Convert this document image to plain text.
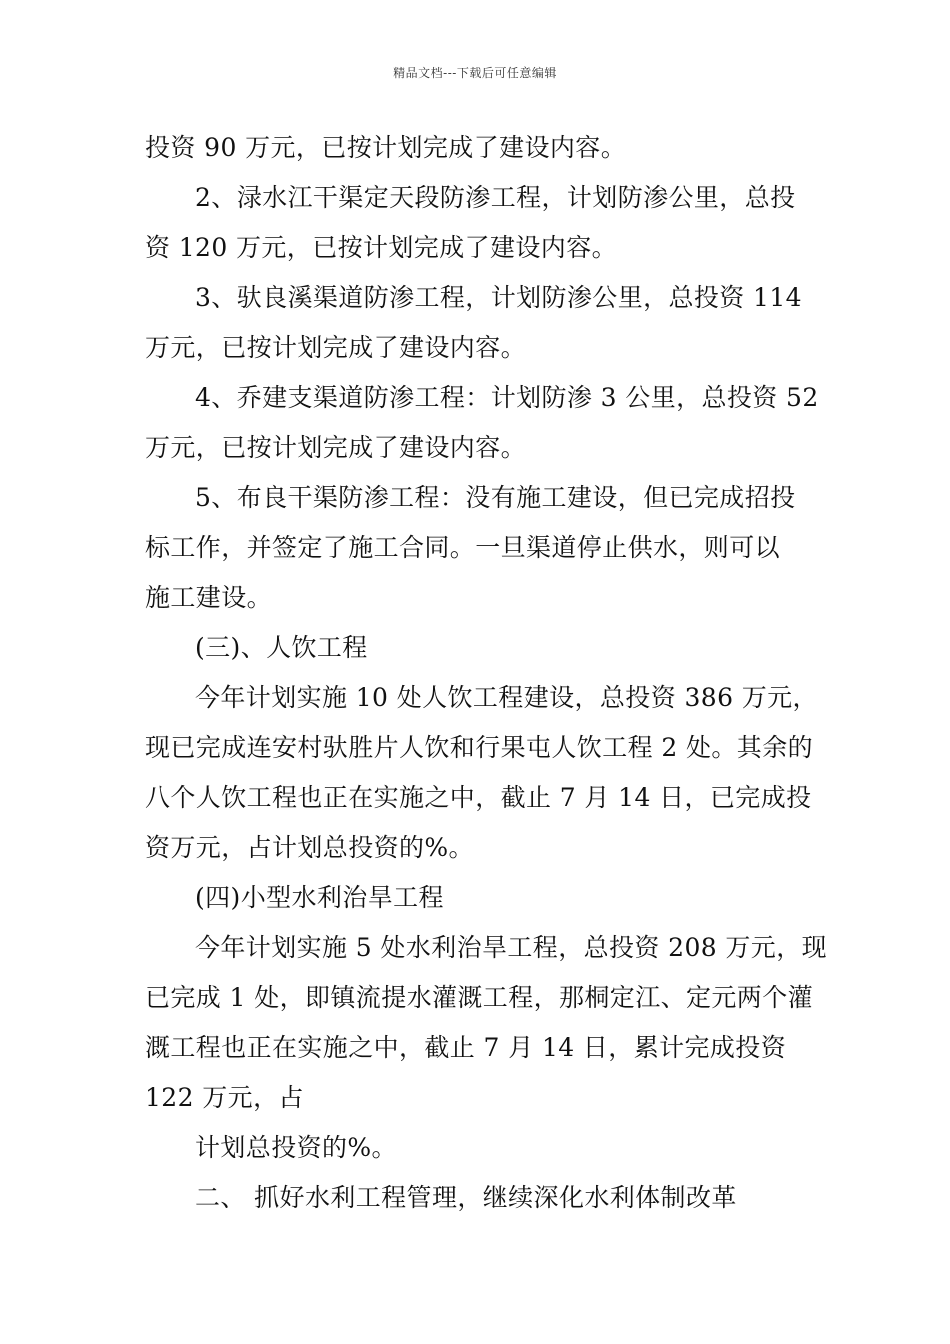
精品文档---下载后可任意编辑
投资 90 万元，已按计划完成了建设内容。
2、渌水江干渠定天段防渗工程，计划防渗公里，总投
资 120 万元，已按计划完成了建设内容。
3、驮良溪渠道防渗工程，计划防渗公里，总投资 114
万元，已按计划完成了建设内容。
4、乔建支渠道防渗工程：计划防渗 3 公里，总投资 52
万元，已按计划完成了建设内容。
5、布良干渠防渗工程：没有施工建设，但已完成招投
标工作，并签定了施工合同。一旦渠道停止供水，则可以
施工建设。
(三)、人饮工程
今年计划实施 10 处人饮工程建设，总投资 386 万元，
现已完成连安村驮胜片人饮和行果屯人饮工程 2 处。其余的
八个人饮工程也正在实施之中，截止 7 月 14 日，已完成投
资万元，占计划总投资的%。
(四)小型水利治旱工程
今年计划实施 5 处水利治旱工程，总投资 208 万元，现
已完成 1 处，即镇流提水灌溉工程，那桐定江、定元两个灌
溉工程也正在实施之中，截止 7 月 14 日，累计完成投资
122 万元，占
计划总投资的%。
二、 抓好水利工程管理，继续深化水利体制改革
